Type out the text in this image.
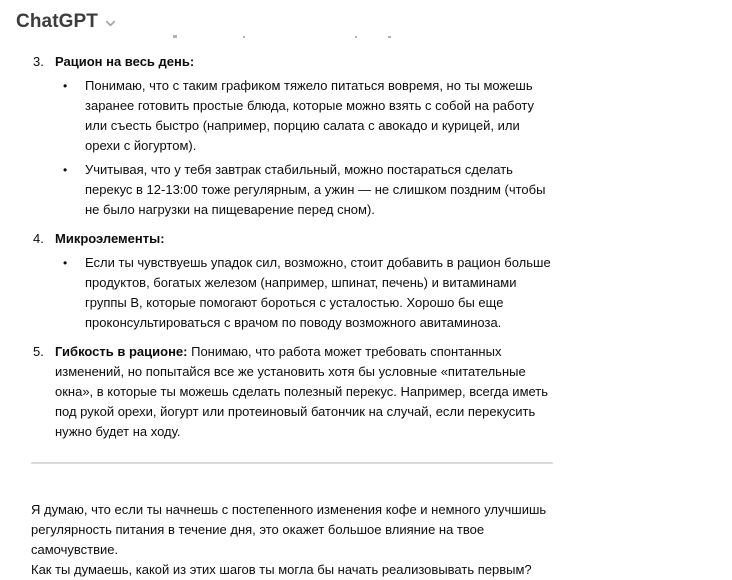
ChatGPT
3. Рацион на весь день:
•	Понимаю, что с таким графиком тяжело питаться вовремя, но ты можешь заранее готовить простые блюда, которые можно взять с собой на работу или съесть быстро (например, порцию салата с авокадо и курицей, или орехи с йогуртом).
•	Учитывая, что у тебя завтрак стабильный, можно постараться сделать перекус в 12-13:00 тоже регулярным, а ужин — не слишком поздним (чтобы не было нагрузки на пищеварение перед сном).
4. Микроэлементы:
•	Если ты чувствуешь упадок сил, возможно, стоит добавить в рацион больше продуктов, богатых железом (например, шпинат, печень) и витаминами группы В, которые помогают бороться с усталостью. Хорошо бы еще проконсультироваться с врачом по поводу возможного авитаминоза.
5. Гибкость в рационе: Понимаю, что работа может требовать спонтанных изменений, но попытайся все же установить хотя бы условные «питательные окна», в которые ты можешь сделать полезный перекус. Например, всегда иметь под рукой орехи, йогурт или протеиновый батончик на случай, если перекусить нужно будет на ходу.

Я думаю, что если ты начнешь с постепенного изменения кофе и немного улучшишь регулярность питания в течение дня, это окажет большое влияние на твое самочувствие.

Как ты думаешь, какой из этих шагов ты могла бы начать реализовывать первым?
